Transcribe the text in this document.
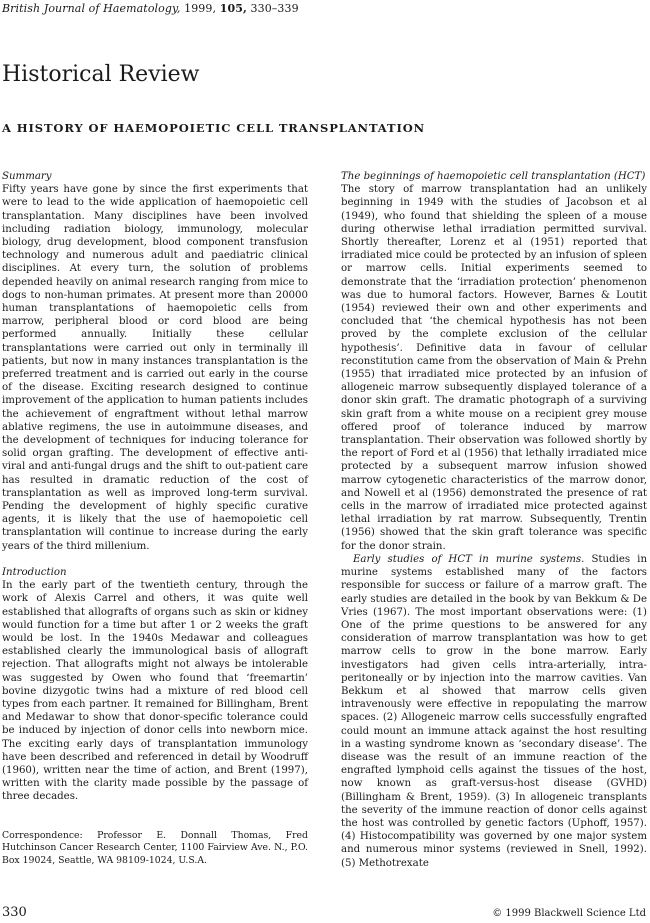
British Journal of Haematology, 1999, 105, 330–339
Historical Review
A HISTORY OF HAEMOPOIETIC CELL TRANSPLANTATION

Summary

Fifty years have gone by since the first experiments that were to lead to the wide application of haemopoietic cell transplantation. Many disciplines have been involved including radiation biology, immunology, molecular biology, drug development, blood component transfusion technology and numerous adult and paediatric clinical disciplines. At every turn, the solution of problems depended heavily on animal research ranging from mice to dogs to non-human primates. At present more than 20000 human transplantations of haemopoietic cells from marrow, peripheral blood or cord blood are being performed annually. Initially these cellular transplantations were carried out only in terminally ill patients, but now in many instances transplantation is the preferred treatment and is carried out early in the course of the disease. Exciting research designed to continue improvement of the application to human patients includes the achievement of engraftment without lethal marrow ablative regimens, the use in autoimmune diseases, and the development of techniques for inducing tolerance for solid organ grafting. The development of effective anti-viral and anti-fungal drugs and the shift to out-patient care has resulted in dramatic reduction of the cost of transplantation as well as improved long-term survival. Pending the development of highly specific curative agents, it is likely that the use of haemopoietic cell transplantation will continue to increase during the early years of the third millenium.

Introduction

In the early part of the twentieth century, through the work of Alexis Carrel and others, it was quite well established that allografts of organs such as skin or kidney would function for a time but after 1 or 2 weeks the graft would be lost. In the 1940s Medawar and colleagues established clearly the immunological basis of allograft rejection. That allografts might not always be intolerable was suggested by Owen who found that ‘freemartin’ bovine dizygotic twins had a mixture of red blood cell types from each partner. It remained for Billingham, Brent and Medawar to show that donor-specific tolerance could be induced by injection of donor cells into newborn mice. The exciting early days of transplantation immunology have been described and referenced in detail by Woodruff (1960), written near the time of action, and Brent (1997), written with the clarity made possible by the passage of three decades.

Correspondence: Professor E. Donnall Thomas, Fred Hutchinson Cancer Research Center, 1100 Fairview Ave. N., P.O. Box 19024, Seattle, WA 98109-1024, U.S.A.

The beginnings of haemopoietic cell transplantation (HCT)

The story of marrow transplantation had an unlikely beginning in 1949 with the studies of Jacobson et al (1949), who found that shielding the spleen of a mouse during otherwise lethal irradiation permitted survival. Shortly thereafter, Lorenz et al (1951) reported that irradiated mice could be protected by an infusion of spleen or marrow cells. Initial experiments seemed to demonstrate that the ‘irradiation protection’ phenomenon was due to humoral factors. However, Barnes & Loutit (1954) reviewed their own and other experiments and concluded that ‘the chemical hypothesis has not been proved by the complete exclusion of the cellular hypothesis’. Definitive data in favour of cellular reconstitution came from the observation of Main & Prehn (1955) that irradiated mice protected by an infusion of allogeneic marrow subsequently displayed tolerance of a donor skin graft. The dramatic photograph of a surviving skin graft from a white mouse on a recipient grey mouse offered proof of tolerance induced by marrow transplantation. Their observation was followed shortly by the report of Ford et al (1956) that lethally irradiated mice protected by a subsequent marrow infusion showed marrow cytogenetic characteristics of the marrow donor, and Nowell et al (1956) demonstrated the presence of rat cells in the marrow of irradiated mice protected against lethal irradiation by rat marrow. Subsequently, Trentin (1956) showed that the skin graft tolerance was specific for the donor strain.

Early studies of HCT in murine systems. Studies in murine systems established many of the factors responsible for success or failure of a marrow graft. The early studies are detailed in the book by van Bekkum & De Vries (1967). The most important observations were: (1) One of the prime questions to be answered for any consideration of marrow transplantation was how to get marrow cells to grow in the bone marrow. Early investigators had given cells intra-arterially, intra-peritoneally or by injection into the marrow cavities. Van Bekkum et al showed that marrow cells given intravenously were effective in repopulating the marrow spaces. (2) Allogeneic marrow cells successfully engrafted could mount an immune attack against the host resulting in a wasting syndrome known as ‘secondary disease’. The disease was the result of an immune reaction of the engrafted lymphoid cells against the tissues of the host, now known as graft-versus-host disease (GVHD) (Billingham & Brent, 1959). (3) In allogeneic transplants the severity of the immune reaction of donor cells against the host was controlled by genetic factors (Uphoff, 1957). (4) Histocompatibility was governed by one major system and numerous minor systems (reviewed in Snell, 1992). (5) Methotrexate

330	© 1999 Blackwell Science Ltd
